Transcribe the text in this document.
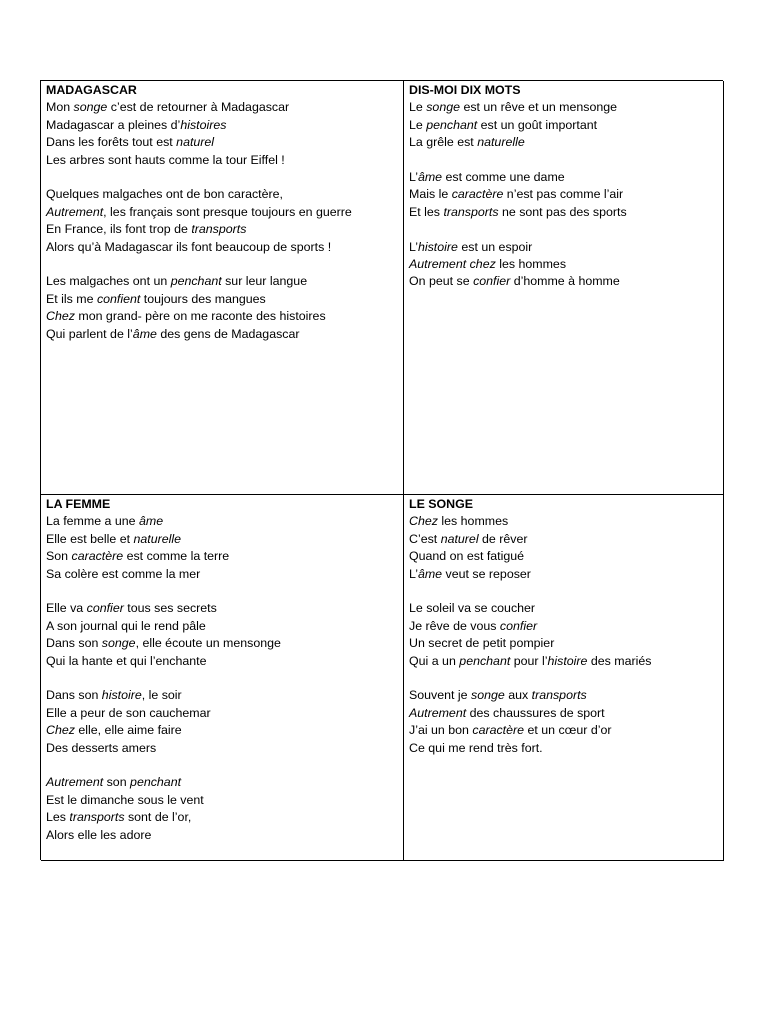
MADAGASCAR
Mon songe c’est de retourner à Madagascar
Madagascar a pleines d’histoires
Dans les forêts tout est naturel
Les arbres sont hauts comme la tour Eiffel !
Quelques malgaches ont de bon caractère,
Autrement, les français sont presque toujours en guerre
En France, ils font trop de transports
Alors qu’à Madagascar ils font beaucoup de sports !
Les malgaches ont un penchant sur leur langue
Et ils me confient toujours des mangues
Chez mon grand- père on me raconte des histoires
Qui parlent de l’âme des gens de Madagascar
DIS-MOI DIX MOTS
Le songe est un rêve et un mensonge
Le penchant est un goût important
La grêle est naturelle
L’âme est comme une dame
Mais le caractère n’est pas comme l’air
Et les transports ne sont pas des sports
L’histoire est un espoir
Autrement chez les hommes
On peut se confier d’homme à homme
LA FEMME
La femme a une âme
Elle est belle et naturelle
Son caractère est comme la terre
Sa colère est comme la mer
Elle va confier tous ses secrets
A son journal qui le rend pâle
Dans son songe, elle écoute un mensonge
Qui la hante et qui l’enchante
Dans son histoire, le soir
Elle a peur de son cauchemar
Chez elle, elle aime faire
Des desserts amers
Autrement son penchant
Est le dimanche sous le vent
Les transports sont de l’or,
Alors elle les adore
LE SONGE
Chez les hommes
C’est naturel de rêver
Quand on est fatigué
L’âme veut se reposer
Le soleil va se coucher
Je rêve de vous confier
Un secret de petit pompier
Qui a un penchant pour l’histoire des mariés
Souvent je songe aux transports
Autrement des chaussures de sport
J’ai un bon caractère et un cœur d’or
Ce qui me rend très fort.
